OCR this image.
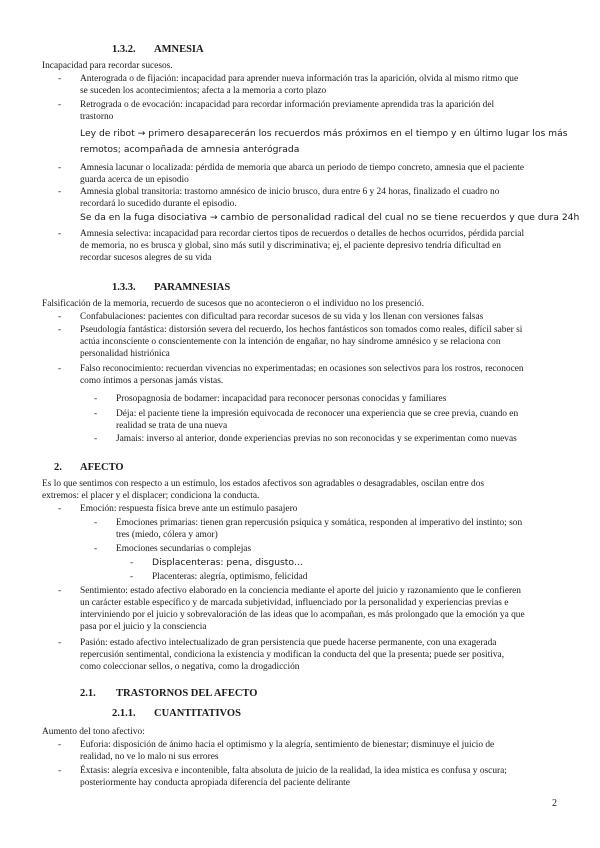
1.3.2. AMNESIA
Incapacidad para recordar sucesos.
- Anterograda o de fijación: incapacidad para aprender nueva información tras la aparición, olvida al mismo ritmo que
se suceden los acontecimientos; afecta a la memoria a corto plazo
- Retrograda o de evocación: incapacidad para recordar información previamente aprendida tras la aparición del
trastorno
Ley de ribot → primero desaparecerán los recuerdos más próximos en el tiempo y en último lugar los más
remotos; acompañada de amnesia anterógrada
- Amnesia lacunar o localizada: pérdida de memoria que abarca un periodo de tiempo concreto, amnesia que el paciente
guarda acerca de un episodio
- Amnesia global transitoria: trastorno amnésico de inicio brusco, dura entre 6 y 24 horas, finalizado el cuadro no
recordará lo sucedido durante el episodio.
Se da en la fuga disociativa → cambio de personalidad radical del cual no se tiene recuerdos y que dura 24h
- Amnesia selectiva: incapacidad para recordar ciertos tipos de recuerdos o detalles de hechos ocurridos, pérdida parcial
de memoria, no es brusca y global, sino más sutil y discriminativa; ej, el paciente depresivo tendría dificultad en
recordar sucesos alegres de su vida
1.3.3. PARAMNESIAS
Falsificación de la memoria, recuerdo de sucesos que no acontecieron o el individuo no los presenció.
- Confabulaciones: pacientes con dificultad para recordar sucesos de su vida y los llenan con versiones falsas
- Pseudología fantástica: distorsión severa del recuerdo, los hechos fantásticos son tomados como reales, difícil saber si
actúa inconsciente o conscientemente con la intención de engañar, no hay síndrome amnésico y se relaciona con
personalidad histriónica
- Falso reconocimiento: recuerdan vivencias no experimentadas; en ocasiones son selectivos para los rostros, reconocen
como íntimos a personas jamás vistas.
- Prosopagnosia de bodamer: incapacidad para reconocer personas conocidas y familiares
- Déja: el paciente tiene la impresión equivocada de reconocer una experiencia que se cree previa, cuando en
realidad se trata de una nueva
- Jamais: inverso al anterior, donde experiencias previas no son reconocidas y se experimentan como nuevas
2. AFECTO
Es lo que sentimos con respecto a un estímulo, los estados afectivos son agradables o desagradables, oscilan entre dos
extremos: el placer y el displacer; condiciona la conducta.
- Emoción: respuesta física breve ante un estímulo pasajero
- Emociones primarias: tienen gran repercusión psíquica y somática, responden al imperativo del instinto; son
tres (miedo, cólera y amor)
- Emociones secundarias o complejas
- Displacenteras: pena, disgusto…
- Placenteras: alegría, optimismo, felicidad
- Sentimiento: estado afectivo elaborado en la conciencia mediante el aporte del juicio y razonamiento que le confieren
un carácter estable específico y de marcada subjetividad, influenciado por la personalidad y experiencias previas e
interviniendo por el juicio y sobrevaloración de las ideas que lo acompañan, es más prolongado que la emoción ya que
pasa por el juicio y la consciencia
- Pasión: estado afectivo intelectualizado de gran persistencia que puede hacerse permanente, con una exagerada
repercusión sentimental, condiciona la existencia y modifican la conducta del que la presenta; puede ser positiva,
como coleccionar sellos, o negativa, como la drogadicción
2.1. TRASTORNOS DEL AFECTO
2.1.1. CUANTITATIVOS
Aumento del tono afectivo:
- Euforia: disposición de ánimo hacia el optimismo y la alegría, sentimiento de bienestar; disminuye el juicio de
realidad, no ve lo malo ni sus errores
- Éxtasis: alegría excesiva e incontenible, falta absoluta de juicio de la realidad, la idea mística es confusa y oscura;
posteriormente hay conducta apropiada diferencia del paciente delirante
2
